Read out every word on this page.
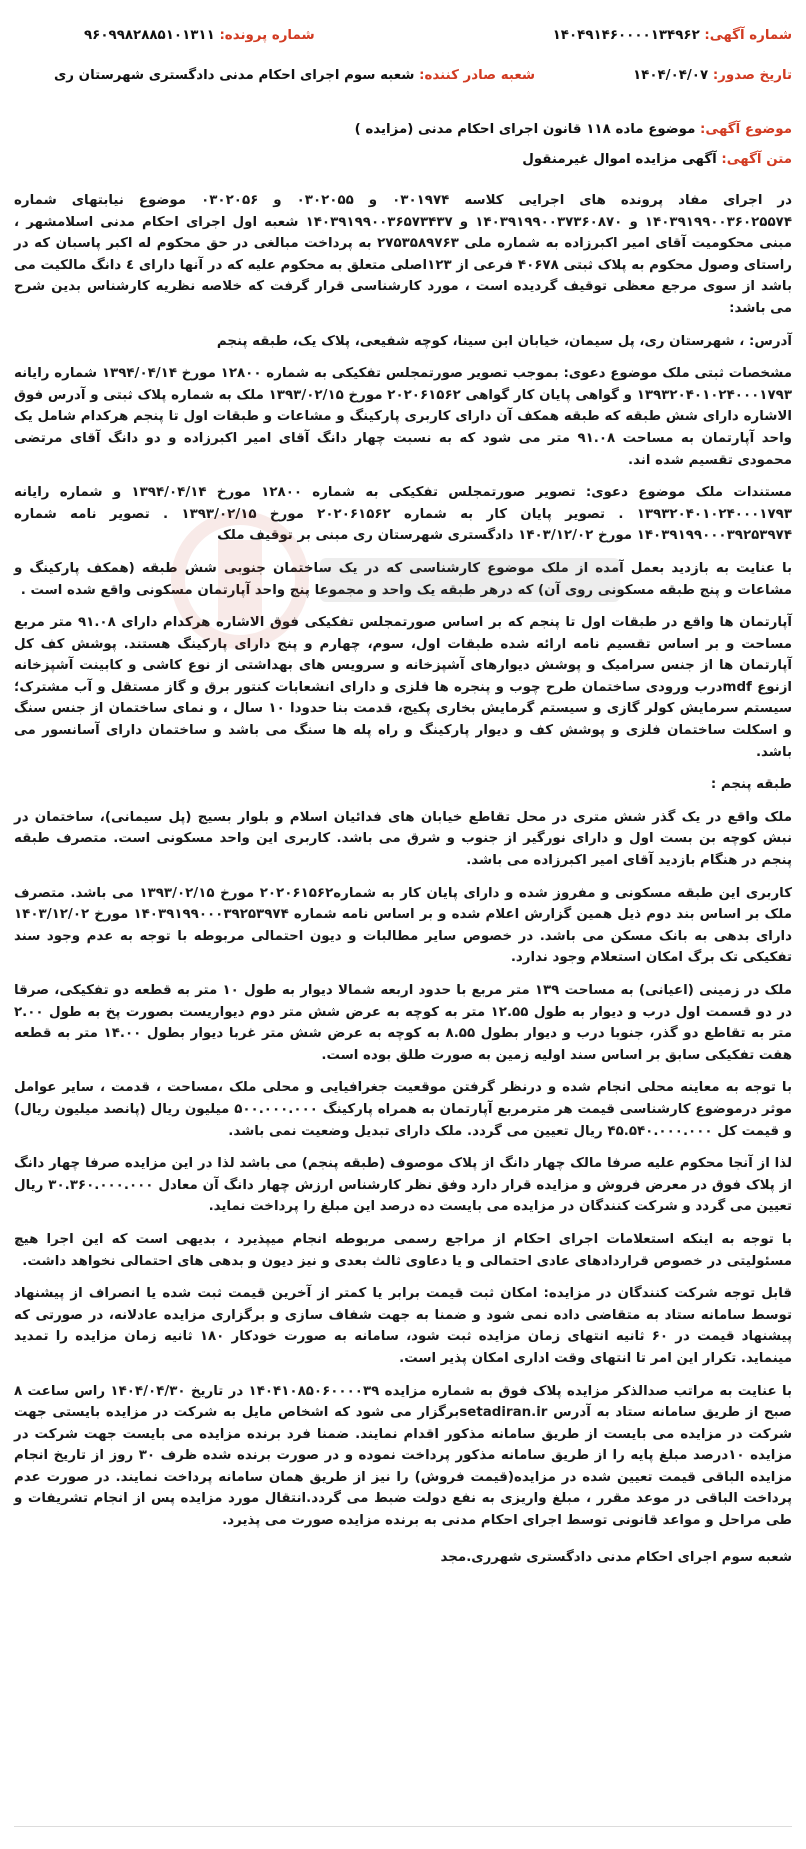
شماره آگهی: ۱۴۰۴۹۱۴۶۰۰۰۰۱۳۴۹۶۲
شماره پرونده: ۹۶۰۹۹۸۲۸۸۵۱۰۱۳۱۱
تاریخ صدور: ۱۴۰۴/۰۴/۰۷
شعبه صادر کننده: شعبه سوم اجرای احکام مدنی دادگستری شهرستان ری
موضوع آگهی: موضوع ماده ۱۱۸ قانون اجرای احکام مدنی (مزایده )
متن آگهی: آگهی مزایده اموال غیرمنقول

در اجرای مفاد پرونده های اجرایی کلاسه ۰۳۰۱۹۷۴ و ۰۳۰۲۰۵۵ و ۰۳۰۲۰۵۶ موضوع نیابتهای شماره ۱۴۰۳۹۱۹۹۰۰۳۶۰۲۵۵۷۴ و ۱۴۰۳۹۱۹۹۰۰۳۷۳۶۰۸۷۰ و ۱۴۰۳۹۱۹۹۰۰۳۶۵۷۳۴۳۷ شعبه اول اجرای احکام مدنی اسلامشهر ، مبنی محکومیت آقای امیر اکبرزاده به شماره ملی ۲۷۵۳۵۸۹۷۶۳ به پرداخت مبالغی در حق محکوم له اکبر پاسبان که در راستای وصول محکوم به پلاک ثبتی ۴۰۶۷۸ فرعی از ۱۲۳اصلی متعلق به محکوم علیه که در آنها دارای ٤ دانگ مالکیت می باشد از سوی مرجع معظی توقیف گردیده است ، مورد کارشناسی قرار گرفت که خلاصه نظریه کارشناس بدین شرح می باشد:

آدرس: ، شهرستان ری، پل سیمان، خیابان ابن سینا، کوچه شفیعی، پلاک یک، طبقه پنجم

مشخصات ثبتی ملک موضوع دعوی: بموجب تصویر صورتمجلس تفکیکی به شماره ۱۲۸۰۰ مورخ ۱۳۹۴/۰۴/۱۴ شماره رایانه ۱۳۹۳۲۰۴۰۱۰۲۴۰۰۰۱۷۹۳ و گواهی پایان کار گواهی ۲۰۲۰۶۱۵۶۲ مورخ ۱۳۹۳/۰۲/۱۵ ملک به شماره پلاک ثبتی و آدرس فوق الاشاره دارای شش طبقه که طبقه همکف آن دارای کاربری پارکینگ و مشاعات و طبقات اول تا پنجم هرکدام شامل یک واحد آپارتمان به مساحت ۹۱.۰۸ متر می شود که به نسبت چهار دانگ آقای امیر اکبرزاده و دو دانگ آقای مرتضی محمودی تقسیم شده اند.

مستندات ملک موضوع دعوی: تصویر صورتمجلس تفکیکی به شماره ۱۲۸۰۰ مورخ ۱۳۹۴/۰۴/۱۴ و شماره رایانه ۱۳۹۳۲۰۴۰۱۰۲۴۰۰۰۱۷۹۳ . تصویر پایان کار به شماره ۲۰۲۰۶۱۵۶۲ مورخ ۱۳۹۳/۰۲/۱۵ . تصویر نامه شماره ۱۴۰۳۹۱۹۹۰۰۰۳۹۲۵۳۹۷۴ مورخ ۱۴۰۳/۱۲/۰۲ دادگستری شهرستان ری مبنی بر توقیف ملک

با عنایت به بازدید بعمل آمده از ملک موضوع کارشناسی که در یک ساختمان جنوبی شش طبقه (همکف پارکینگ و مشاعات و پنج طبقه مسکونی روی آن) که درهر طبقه یک واحد و مجموعا پنج واحد آپارتمان مسکونی واقع شده است .

آپارتمان ها واقع در طبقات اول تا پنجم که بر اساس صورتمجلس تفکیکی فوق الاشاره هرکدام دارای ۹۱.۰۸ متر مربع مساحت و بر اساس تقسیم نامه ارائه شده طبقات اول، سوم، چهارم و پنج دارای پارکینگ هستند. پوشش کف کل آپارتمان ها از جنس سرامیک و پوشش دیوارهای آشپزخانه و سرویس های بهداشتی از نوع کاشی و کابینت آشپزخانه ازنوع mdfدرب ورودی ساختمان طرح چوب و پنجره ها فلزی و دارای انشعابات کنتور برق و گاز مستقل و آب مشترک؛ سیستم سرمایش کولر گازی و سیستم گرمایش بخاری پکیج، قدمت بنا حدودا ۱۰ سال ، و نمای ساختمان از جنس سنگ و اسکلت ساختمان فلزی و پوشش کف و دیوار پارکینگ و راه پله ها سنگ می باشد و ساختمان دارای آسانسور می باشد.

طبقه پنجم :

ملک واقع در یک گذر شش متری در محل تقاطع خیابان های فدائیان اسلام و بلوار بسیج (پل سیمانی)، ساختمان در نبش کوچه بن بست اول و دارای نورگیر از جنوب و شرق می باشد. کاربری این واحد مسکونی است. متصرف طبقه پنجم در هنگام بازدید آقای امیر اکبرزاده می باشد.

کاربری این طبقه مسکونی و مفروز شده و دارای پایان کار به شماره۲۰۲۰۶۱۵۶۲ مورخ ۱۳۹۳/۰۲/۱۵ می باشد. متصرف ملک بر اساس بند دوم ذیل همین گزارش اعلام شده و بر اساس نامه شماره ۱۴۰۳۹۱۹۹۰۰۰۳۹۲۵۳۹۷۴ مورخ ۱۴۰۳/۱۲/۰۲ دارای بدهی به بانک مسکن می باشد. در خصوص سایر مطالبات و دیون احتمالی مربوطه با توجه به عدم وجود سند تفکیکی تک برگ امکان استعلام وجود ندارد.

ملک در زمینی (اعیانی) به مساحت ۱۳۹ متر مربع با حدود اربعه شمالا دیوار به طول ۱۰ متر به قطعه دو تفکیکی، صرقا در دو قسمت اول درب و دیوار به طول ۱۲.۵۵ متر به کوچه به عرض شش متر دوم دیواریست بصورت پخ به طول ۲.۰۰ متر به تقاطع دو گذر، جنوبا درب و دیوار بطول ۸.۵۵ به کوچه به عرض شش متر غربا دیوار بطول ۱۴.۰۰ متر به قطعه هفت تفکیکی سابق بر اساس سند اولیه زمین به صورت طلق بوده است.

با توجه به معاینه محلی انجام شده و درنظر گرفتن موقعیت جغرافیایی و محلی ملک ،مساحت ، قدمت ، سایر عوامل موثر درموضوع کارشناسی قیمت هر مترمربع آپارتمان به همراه پارکینگ ۵۰۰.۰۰۰.۰۰۰ میلیون ریال (پانصد میلیون ریال) و قیمت کل ۴۵.۵۴۰.۰۰۰.۰۰۰ ریال تعیین می گردد. ملک دارای تبدیل وضعیت نمی باشد.

لذا از آنجا محکوم علیه صرفا مالک چهار دانگ از پلاک موصوف (طبقه پنجم) می باشد لذا در این مزایده صرفا چهار دانگ از پلاک فوق در معرض فروش و مزایده قرار دارد وفق نظر کارشناس ارزش چهار دانگ آن معادل ۳۰.۳۶۰.۰۰۰.۰۰۰ ریال تعیین می گردد و شرکت کنندگان در مزایده می بایست ده درصد این مبلغ را پرداخت نماید.

با توجه به اینکه استعلامات اجرای احکام از مراجع رسمی مربوطه انجام میپذیرد ، بدیهی است که این اجرا هیچ مسئولیتی در خصوص قراردادهای عادی احتمالی و یا دعاوی ثالث بعدی و نیز دیون و بدهی های احتمالی نخواهد داشت.

قابل توجه شرکت کنندگان در مزایده: امکان ثبت قیمت برابر یا کمتر از آخرین قیمت ثبت شده یا انصراف از پیشنهاد توسط سامانه ستاد به متقاضی داده نمی شود و ضمنا به جهت شفاف سازی و برگزاری مزایده عادلانه، در صورتی که پیشنهاد قیمت در ۶۰ ثانیه انتهای زمان مزایده ثبت شود، سامانه به صورت خودکار ۱۸۰ ثانیه زمان مزایده را تمدید مینماید. تکرار این امر تا انتهای وقت اداری امکان پذیر است.

با عنایت به مراتب صدالذکر مزایده پلاک فوق به شماره مزایده ۱۴۰۴۱۰۸۵۰۶۰۰۰۰۳۹ در تاریخ ۱۴۰۴/۰۴/۳۰ راس ساعت ۸ صبح از طریق سامانه ستاد به آدرس setadiran.irبرگزار می شود که اشخاص مایل به شرکت در مزایده بایستی جهت شرکت در مزایده می بایست از طریق سامانه مذکور اقدام نمایند. ضمنا فرد برنده مزایده می بایست جهت شرکت در مزایده ۱۰درصد مبلغ پایه را از طریق سامانه مذکور پرداخت نموده و در صورت برنده شده ظرف ۳۰ روز از تاریخ انجام مزایده الباقی قیمت تعیین شده در مزایده(قیمت فروش) را نیز از طریق همان سامانه پرداخت نمایند. در صورت عدم پرداخت الباقی در موعد مقرر ، مبلغ واریزی به نفع دولت ضبط می گردد.انتقال مورد مزایده پس از انجام تشریفات و طی مراحل و مواعد قانونی توسط اجرای احکام مدنی به برنده مزایده صورت می پذیرد.

شعبه سوم اجرای احکام مدنی دادگستری شهرری.مجد
